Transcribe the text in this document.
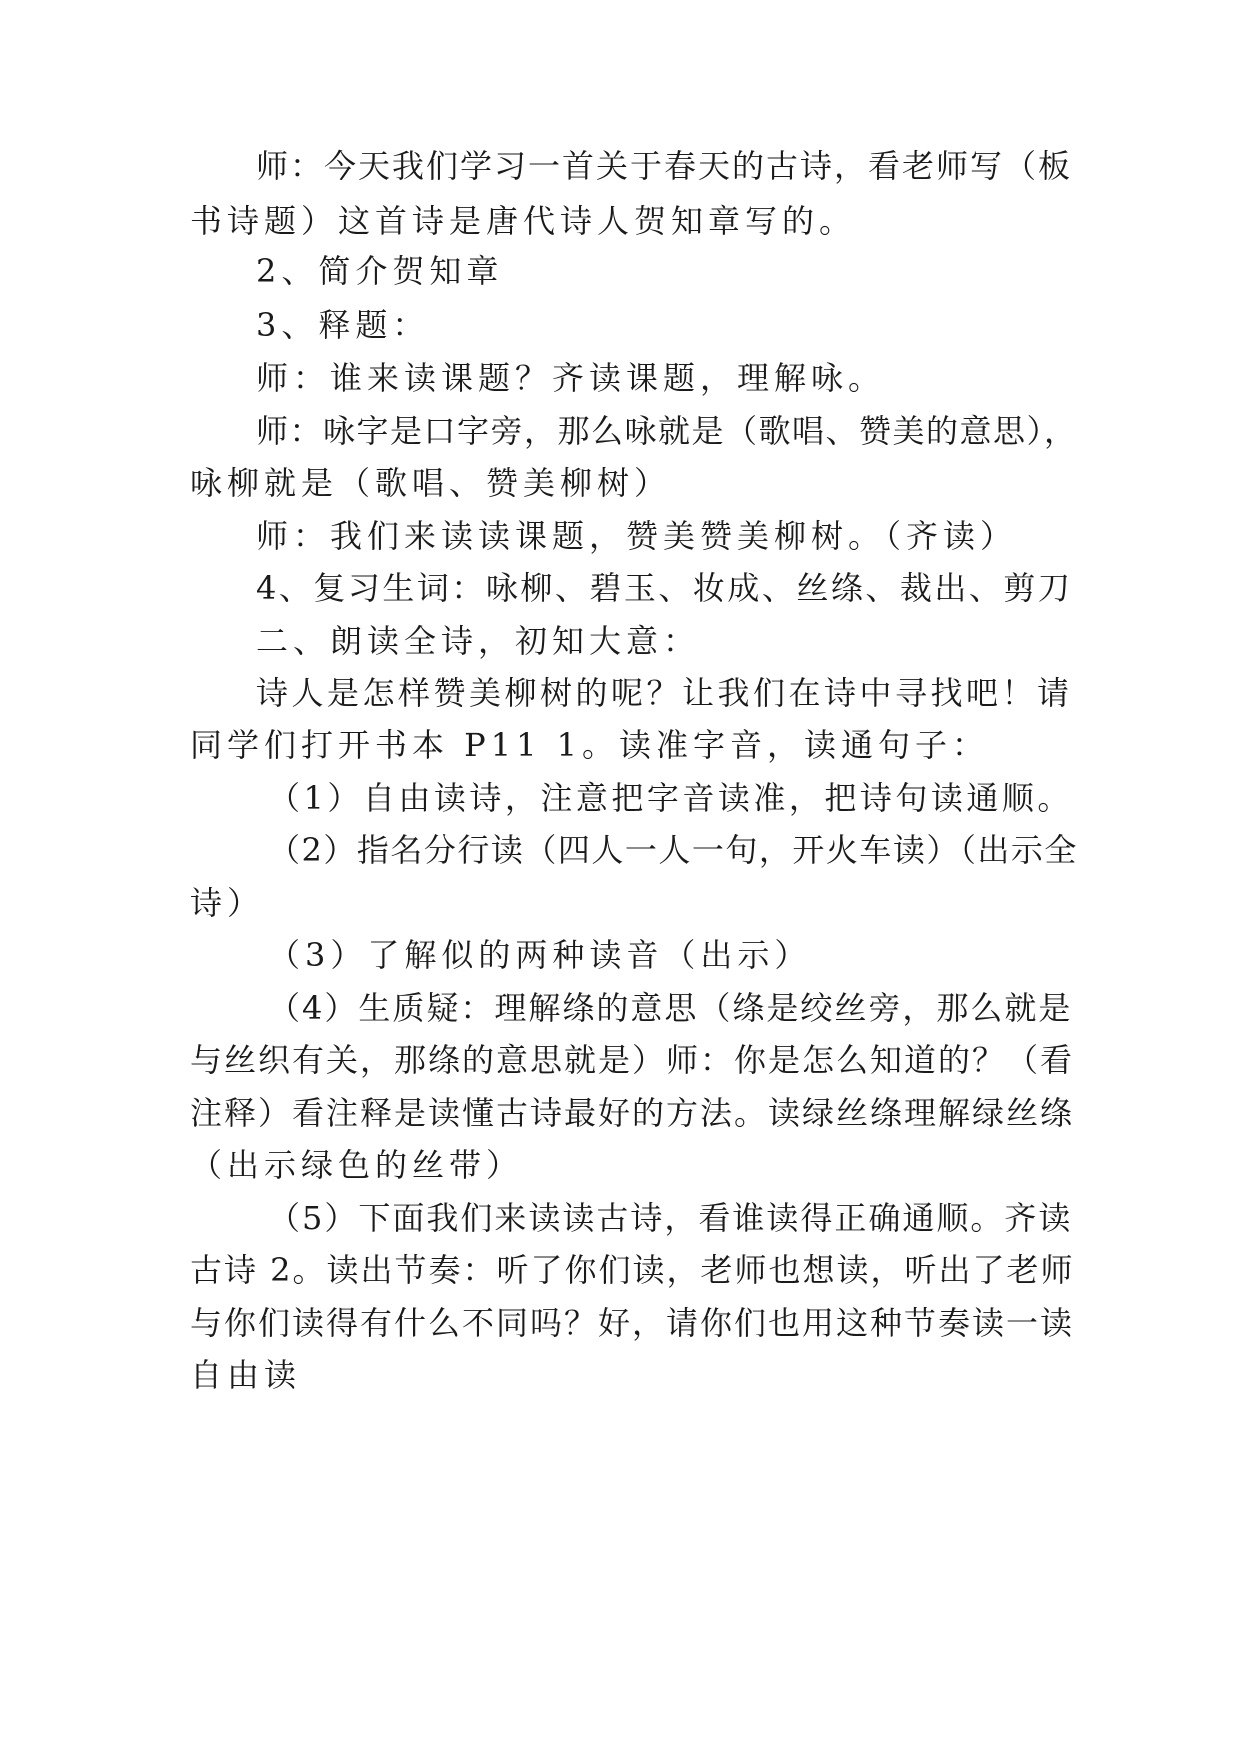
师：今天我们学习一首关于春天的古诗，看老师写（板
书诗题）这首诗是唐代诗人贺知章写的。
2、简介贺知章
3、释题：
师：谁来读课题？齐读课题，理解咏。
师：咏字是口字旁，那么咏就是（歌唱、赞美的意思），
咏柳就是（歌唱、赞美柳树）
师：我们来读读课题，赞美赞美柳树。（齐读）
4、复习生词：咏柳、碧玉、妆成、丝绦、裁出、剪刀
二、朗读全诗，初知大意：
诗人是怎样赞美柳树的呢？让我们在诗中寻找吧！请
同学们打开书本 P11 1。读准字音，读通句子：
（1）自由读诗，注意把字音读准，把诗句读通顺。
（2）指名分行读（四人一人一句，开火车读）（出示全
诗）
（3）了解似的两种读音（出示）
（4）生质疑：理解绦的意思（绦是绞丝旁，那么就是
与丝织有关，那绦的意思就是）师：你是怎么知道的？（看
注释）看注释是读懂古诗最好的方法。读绿丝绦理解绿丝绦
（出示绿色的丝带）
（5）下面我们来读读古诗，看谁读得正确通顺。齐读
古诗 2。读出节奏：听了你们读，老师也想读，听出了老师
与你们读得有什么不同吗？好，请你们也用这种节奏读一读
自由读
